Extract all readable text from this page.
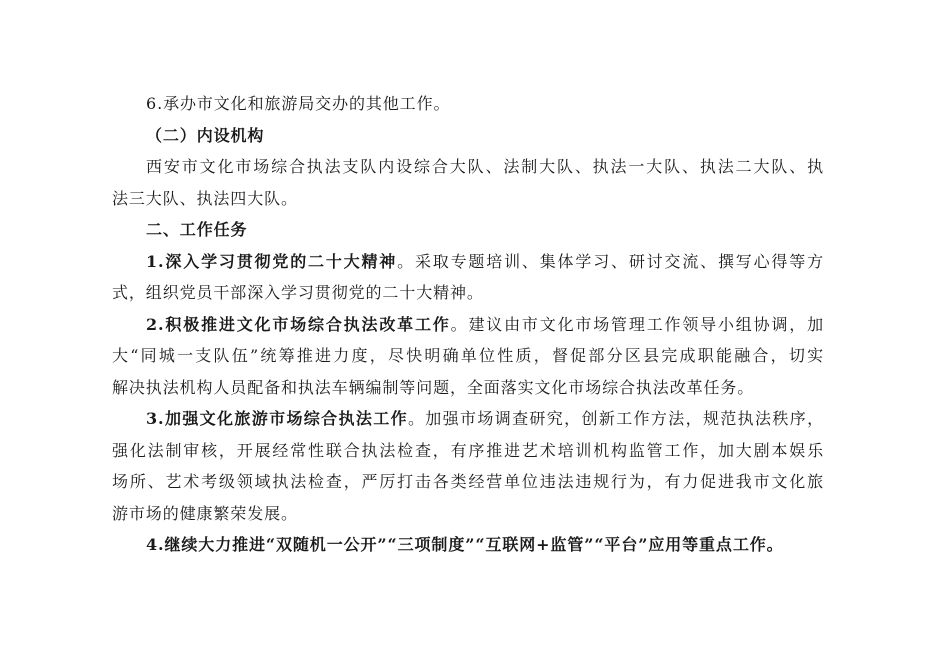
6.承办市文化和旅游局交办的其他工作。
（二）内设机构
西安市文化市场综合执法支队内设综合大队、法制大队、执法一大队、执法二大队、执
法三大队、执法四大队。
二、工作任务
1.深入学习贯彻党的二十大精神。采取专题培训、集体学习、研讨交流、撰写心得等方
式，组织党员干部深入学习贯彻党的二十大精神。
2.积极推进文化市场综合执法改革工作。建议由市文化市场管理工作领导小组协调，加
大“同城一支队伍”统筹推进力度，尽快明确单位性质，督促部分区县完成职能融合，切实
解决执法机构人员配备和执法车辆编制等问题，全面落实文化市场综合执法改革任务。
3.加强文化旅游市场综合执法工作。加强市场调查研究，创新工作方法，规范执法秩序，
强化法制审核，开展经常性联合执法检查，有序推进艺术培训机构监管工作，加大剧本娱乐
场所、艺术考级领域执法检查，严厉打击各类经营单位违法违规行为，有力促进我市文化旅
游市场的健康繁荣发展。
4.继续大力推进“双随机一公开”“三项制度”“互联网+监管”“平台”应用等重点工作。
